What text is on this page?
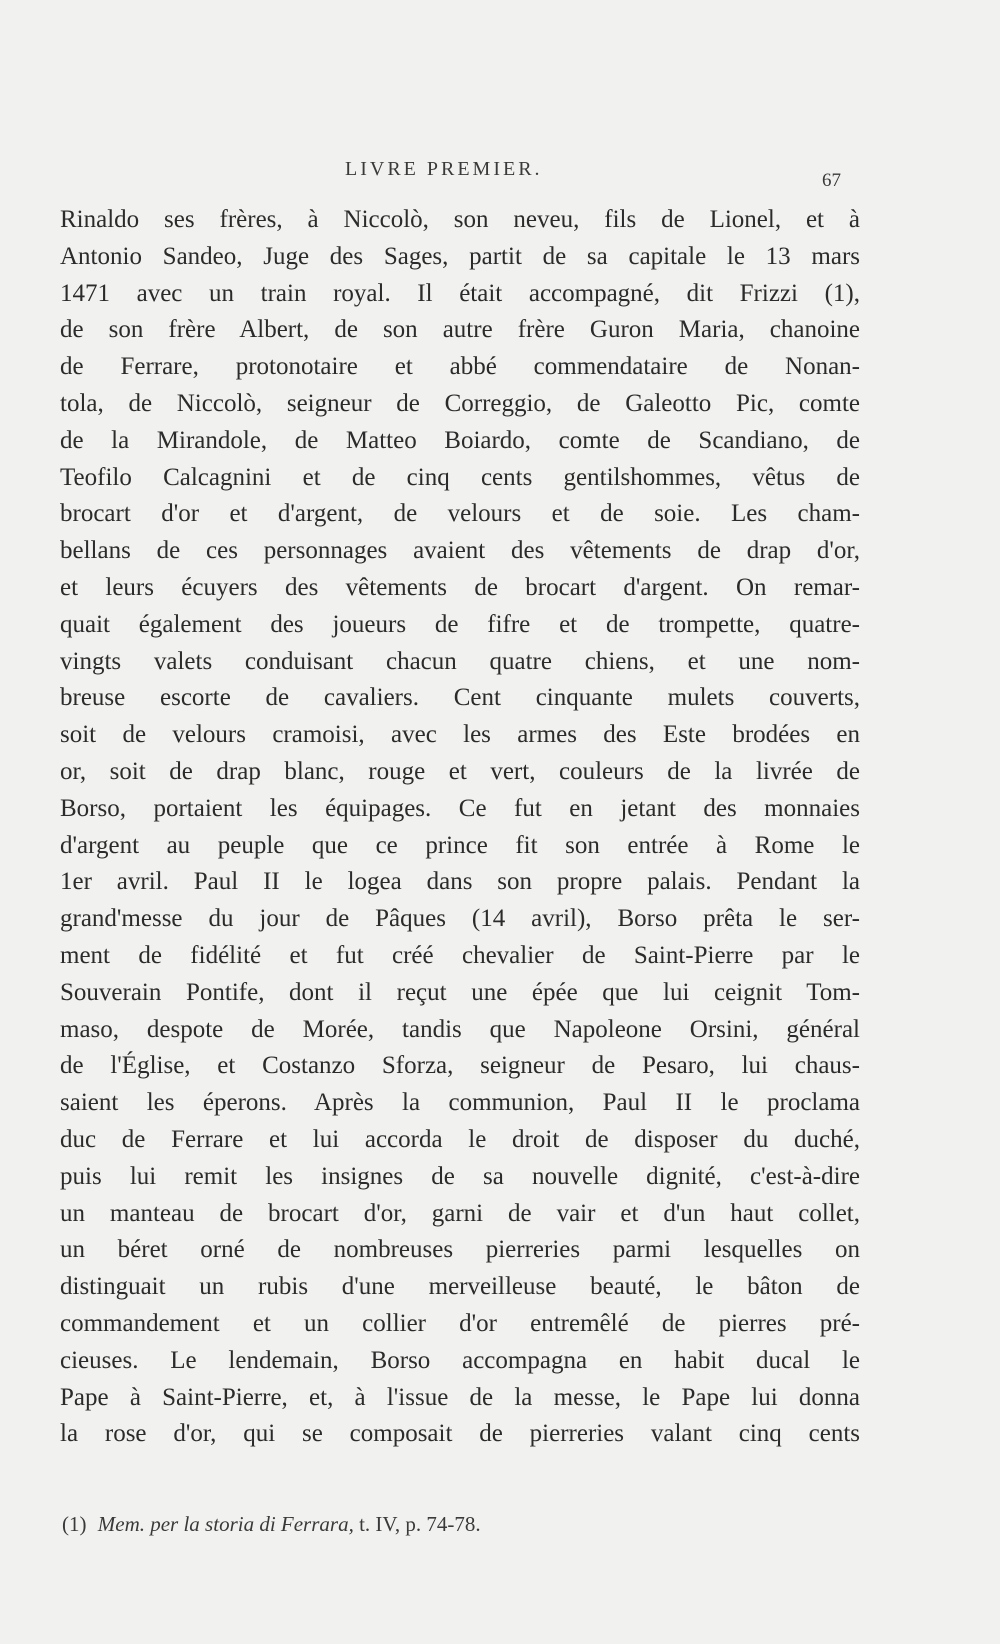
LIVRE PREMIER.
67
Rinaldo ses frères, à Niccolò, son neveu, fils de Lionel, et à
Antonio Sandeo, Juge des Sages, partit de sa capitale le 13 mars
1471 avec un train royal. Il était accompagné, dit Frizzi (1),
de son frère Albert, de son autre frère Guron Maria, chanoine
de Ferrare, protonotaire et abbé commendataire de Nonan-
tola, de Niccolò, seigneur de Correggio, de Galeotto Pic, comte
de la Mirandole, de Matteo Boiardo, comte de Scandiano, de
Teofilo Calcagnini et de cinq cents gentilshommes, vêtus de
brocart d'or et d'argent, de velours et de soie. Les cham-
bellans de ces personnages avaient des vêtements de drap d'or,
et leurs écuyers des vêtements de brocart d'argent. On remar-
quait également des joueurs de fifre et de trompette, quatre-
vingts valets conduisant chacun quatre chiens, et une nom-
breuse escorte de cavaliers. Cent cinquante mulets couverts,
soit de velours cramoisi, avec les armes des Este brodées en
or, soit de drap blanc, rouge et vert, couleurs de la livrée de
Borso, portaient les équipages. Ce fut en jetant des monnaies
d'argent au peuple que ce prince fit son entrée à Rome le
1er avril. Paul II le logea dans son propre palais. Pendant la
grand'messe du jour de Pâques (14 avril), Borso prêta le ser-
ment de fidélité et fut créé chevalier de Saint-Pierre par le
Souverain Pontife, dont il reçut une épée que lui ceignit Tom-
maso, despote de Morée, tandis que Napoleone Orsini, général
de l'Église, et Costanzo Sforza, seigneur de Pesaro, lui chaus-
saient les éperons. Après la communion, Paul II le proclama
duc de Ferrare et lui accorda le droit de disposer du duché,
puis lui remit les insignes de sa nouvelle dignité, c'est-à-dire
un manteau de brocart d'or, garni de vair et d'un haut collet,
un béret orné de nombreuses pierreries parmi lesquelles on
distinguait un rubis d'une merveilleuse beauté, le bâton de
commandement et un collier d'or entremêlé de pierres pré-
cieuses. Le lendemain, Borso accompagna en habit ducal le
Pape à Saint-Pierre, et, à l'issue de la messe, le Pape lui donna
la rose d'or, qui se composait de pierreries valant cinq cents
(1) Mem. per la storia di Ferrara, t. IV, p. 74-78.
